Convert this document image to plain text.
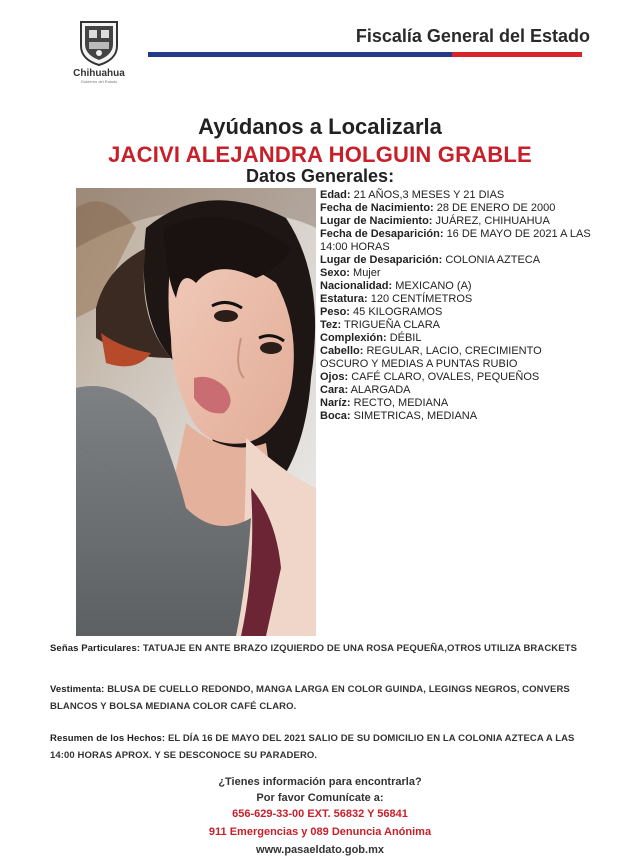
Chihuahua
Gobierno del Estado
Fiscalía General del Estado
Ayúdanos a Localizarla
JACIVI ALEJANDRA HOLGUIN GRABLE
Datos Generales:

Edad: 21 AÑOS,3 MESES Y 21 DIAS

Fecha de Nacimiento: 28 DE ENERO DE 2000

Lugar de Nacimiento: JUÁREZ, CHIHUAHUA

Fecha de Desaparición: 16 DE MAYO DE 2021 A LAS 14:00 HORAS

Lugar de Desaparición: COLONIA AZTECA

Sexo: Mujer

Nacionalidad: MEXICANO (A)

Estatura: 120 CENTÍMETROS

Peso: 45 KILOGRAMOS

Tez: TRIGUEÑA CLARA

Complexión: DÉBIL

Cabello: REGULAR, LACIO, CRECIMIENTO OSCURO Y MEDIAS A PUNTAS RUBIO

Ojos: CAFÉ CLARO, OVALES, PEQUEÑOS

Cara: ALARGADA

Naríz: RECTO, MEDIANA

Boca: SIMETRICAS, MEDIANA

Señas Particulares: TATUAJE EN ANTE BRAZO IZQUIERDO DE UNA ROSA PEQUEÑA,OTROS UTILIZA BRACKETS
Vestimenta: BLUSA DE CUELLO REDONDO, MANGA LARGA EN COLOR GUINDA, LEGINGS NEGROS, CONVERS BLANCOS Y BOLSA MEDIANA COLOR CAFÉ CLARO.
Resumen de los Hechos: EL DÍA 16 DE MAYO DEL 2021 SALIO DE SU DOMICILIO EN LA COLONIA AZTECA A LAS 14:00 HORAS APROX. Y SE DESCONOCE SU PARADERO.
¿Tienes información para encontrarla?
Por favor Comunícate a:
656-629-33-00 EXT. 56832 Y 56841
911 Emergencias y 089 Denuncia Anónima
www.pasaeldato.gob.mx
